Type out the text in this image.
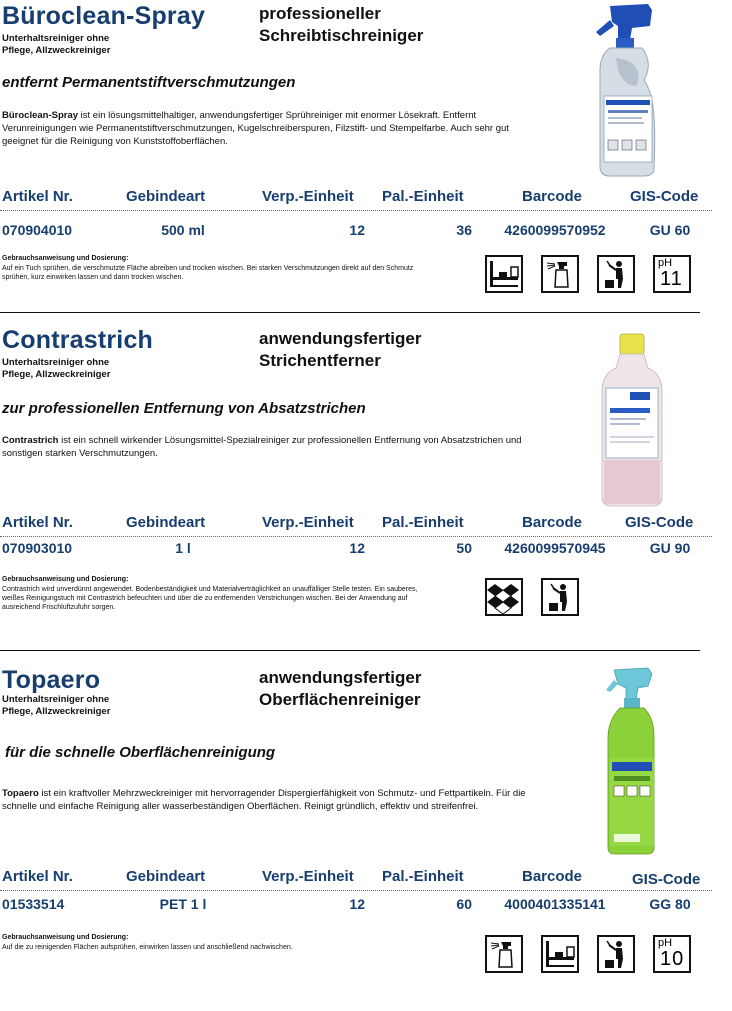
Büroclean-Spray
Unterhaltsreiniger ohne
Pflege, Allzweckreiniger
professioneller
Schreibtischreiniger
entfernt Permanentstiftverschmutzungen
Büroclean-Spray ist ein lösungsmittelhaltiger, anwendungsfertiger Sprühreiniger mit enormer Lösekraft. Entfernt Verunreinigungen wie Permanentstiftverschmutzungen, Kugelschreiberspuren, Filzstift- und Stempelfarbe. Auch sehr gut geeignet für die Reinigung von Kunststoffoberflächen.
Artikel Nr.	Gebindeart	Verp.-Einheit Pal.-Einheit	Barcode	GIS-Code
070904010	500 ml	12	36	4260099570952	GU 60
Gebrauchsanweisung und Dosierung:
Auf ein Tuch sprühen, die verschmutzte Fläche abreiben und trocken wischen. Bei starken Verschmutzungen direkt auf den Schmutz sprühen, kurz einwirken lassen und dann trocken wischen.
pH
11
Contrastrich
Unterhaltsreiniger ohne
Pflege, Allzweckreiniger
anwendungsfertiger
Strichentferner
zur professionellen Entfernung von Absatzstrichen
Contrastrich ist ein schnell wirkender Lösungsmittel-Spezialreiniger zur professionellen Entfernung von Absatzstrichen und sonstigen starken Verschmutzungen.
Artikel Nr.	Gebindeart	Verp.-Einheit Pal.-Einheit	Barcode	GIS-Code
070903010	1 l	12	50	4260099570945	GU 90
Gebrauchsanweisung und Dosierung:
Contrastrich wird unverdünnt angewendet. Bodenbeständigkeit und Materialverträglichkeit an unauffälliger Stelle testen. Ein sauberes, weißes Reinigungstuch mit Contrastrich befeuchten und über die zu entfernenden Verstrichungen wischen. Bei der Anwendung auf ausreichend Frischluftzufuhr sorgen.
Topaero
Unterhaltsreiniger ohne
Pflege, Allzweckreiniger
anwendungsfertiger
Oberflächenreiniger
für die schnelle Oberflächenreinigung
Topaero ist ein kraftvoller Mehrzweckreiniger mit hervorragender Dispergierfähigkeit von Schmutz- und Fettpartikeln. Für die schnelle und einfache Reinigung aller wasserbeständigen Oberflächen. Reinigt gründlich, effektiv und streifenfrei.
Artikel Nr.	Gebindeart	Verp.-Einheit Pal.-Einheit	Barcode	GIS-Code
01533514	PET 1 l	12	60	4000401335141	GG 80
Gebrauchsanweisung und Dosierung:
Auf die zu reinigenden Flächen aufsprühen, einwirken lassen und anschließend nachwischen.	pH
10
